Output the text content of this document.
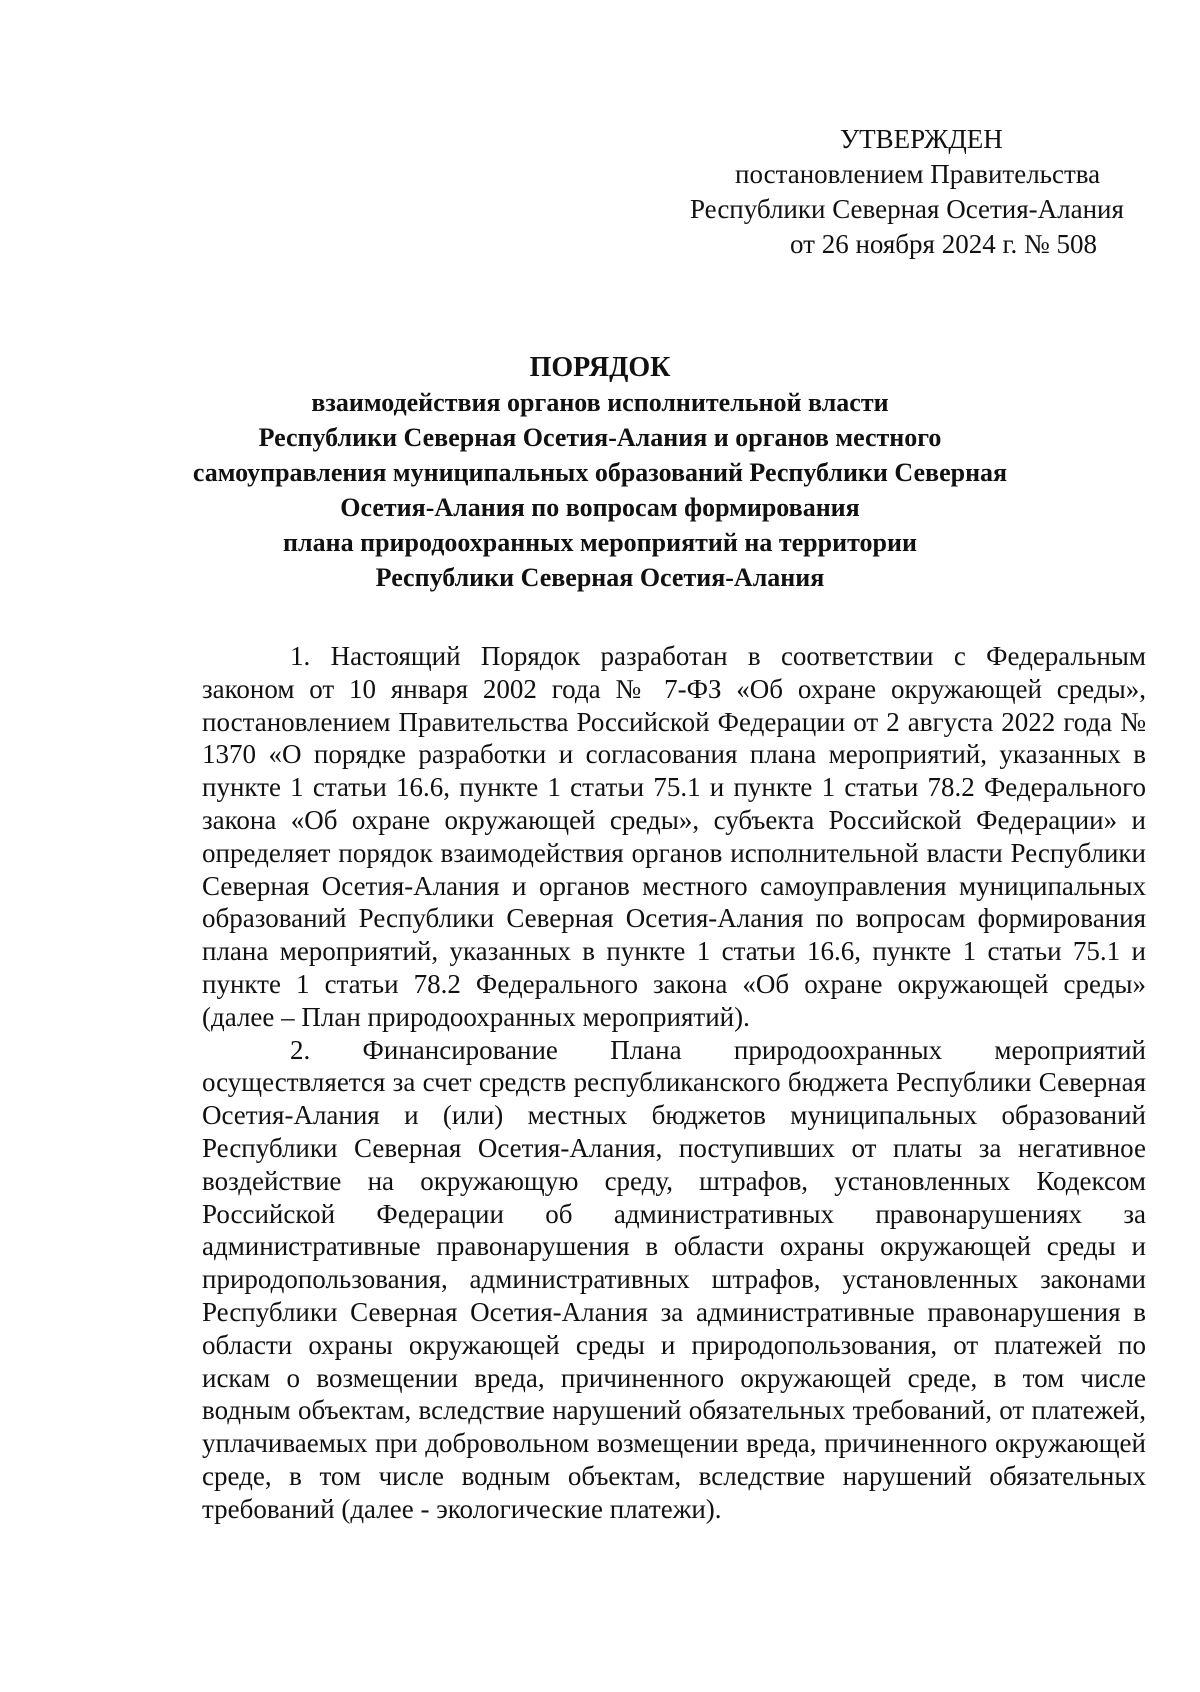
УТВЕРЖДЕН
постановлением Правительства
Республики Северная Осетия-Алания
от 26 ноября 2024 г. № 508
ПОРЯДОК
взаимодействия органов исполнительной власти
Республики Северная Осетия-Алания и органов местного
самоуправления муниципальных образований Республики Северная
Осетия-Алания по вопросам формирования
плана природоохранных мероприятий на территории
Республики Северная Осетия-Алания

1. Настоящий Порядок разработан в соответствии с Федеральным законом от 10 января 2002 года № 7-ФЗ «Об охране окружающей среды», постановлением Правительства Российской Федерации от 2 августа 2022 года № 1370 «О порядке разработки и согласования плана мероприятий, указанных в пункте 1 статьи 16.6, пункте 1 статьи 75.1 и пункте 1 статьи 78.2 Федерального закона «Об охране окружающей среды», субъекта Российской Федерации» и определяет порядок взаимодействия органов исполнительной власти Республики Северная Осетия-Алания и органов местного самоуправления муниципальных образований Республики Северная Осетия-Алания по вопросам формирования плана мероприятий, указанных в пункте 1 статьи 16.6, пункте 1 статьи 75.1 и пункте 1 статьи 78.2 Федерального закона «Об охране окружающей среды» (далее – План природоохранных мероприятий).

2. Финансирование Плана природоохранных мероприятий осуществляется за счет средств республиканского бюджета Республики Северная Осетия-Алания и (или) местных бюджетов муниципальных образований Республики Северная Осетия-Алания, поступивших от платы за негативное воздействие на окружающую среду, штрафов, установленных Кодексом Российской Федерации об административных правонарушениях за административные правонарушения в области охраны окружающей среды и природопользования, административных штрафов, установленных законами Республики Северная Осетия-Алания за административные правонарушения в области охраны окружающей среды и природопользования, от платежей по искам о возмещении вреда, причиненного окружающей среде, в том числе водным объектам, вследствие нарушений обязательных требований, от платежей, уплачиваемых при добровольном возмещении вреда, причиненного окружающей среде, в том числе водным объектам, вследствие нарушений обязательных требований (далее - экологические платежи).
